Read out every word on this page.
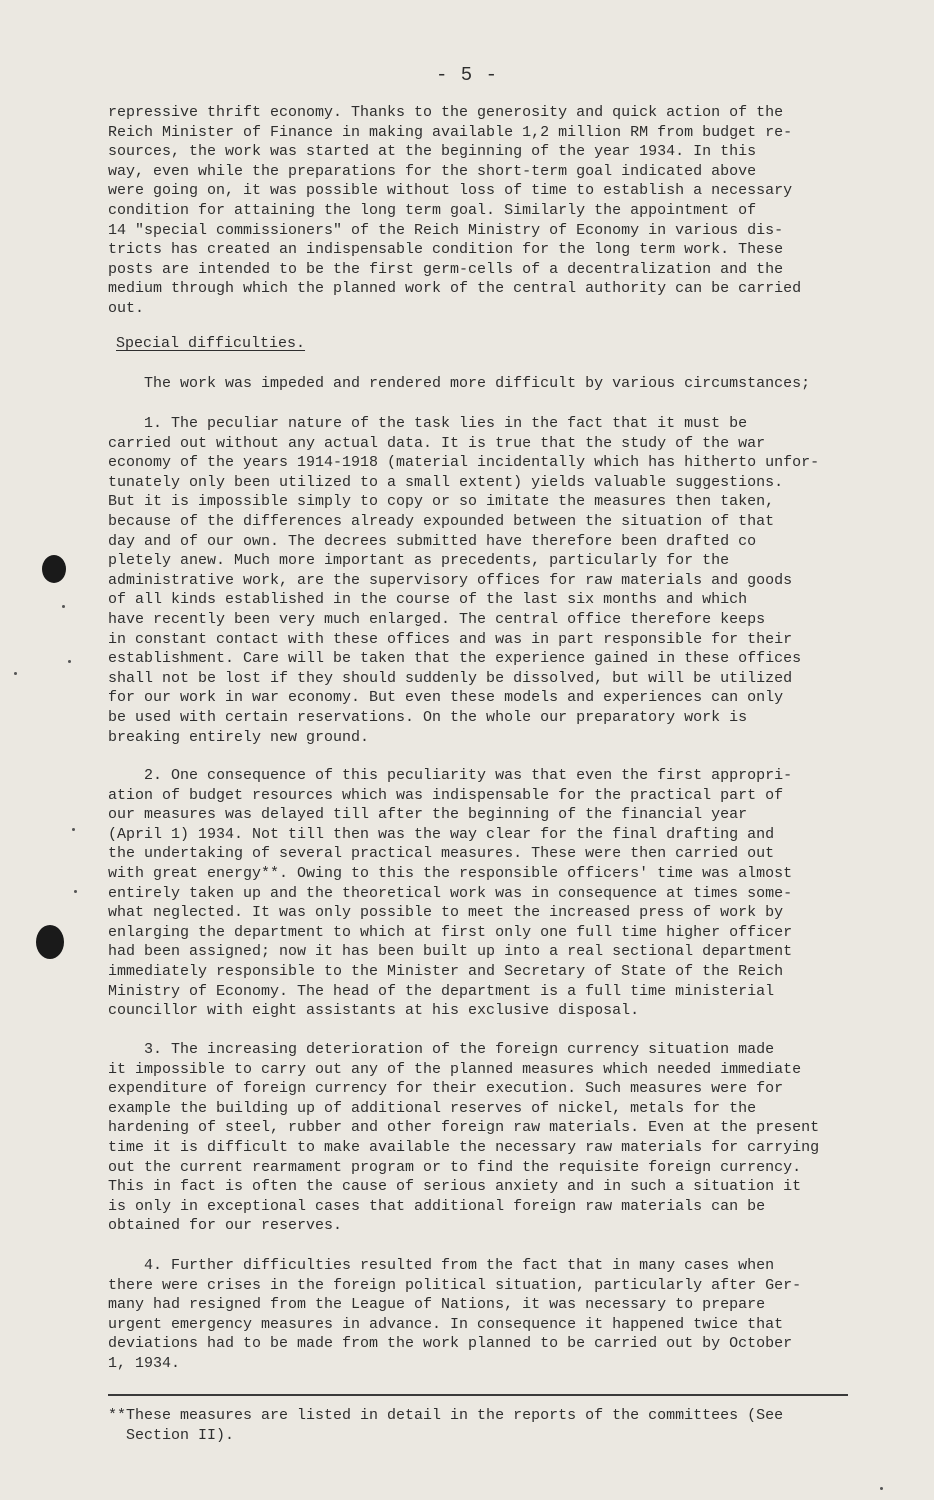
- 5 -

repressive thrift economy. Thanks to the generosity and quick action of the
Reich Minister of Finance in making available 1,2 million RM from budget re-
sources, the work was started at the beginning of the year 1934. In this
way, even while the preparations for the short-term goal indicated above
were going on, it was possible without loss of time to establish a necessary
condition for attaining the long term goal. Similarly the appointment of
14 "special commissioners" of the Reich Ministry of Economy in various dis-
tricts has created an indispensable condition for the long term work. These
posts are intended to be the first germ-cells of a decentralization and the
medium through which the planned work of the central authority can be carried
out.

Special difficulties.

The work was impeded and rendered more difficult by various circumstances;

1. The peculiar nature of the task lies in the fact that it must be
carried out without any actual data. It is true that the study of the war
economy of the years 1914-1918 (material incidentally which has hitherto unfor-
tunately only been utilized to a small extent) yields valuable suggestions.
But it is impossible simply to copy or so imitate the measures then taken,
because of the differences already expounded between the situation of that
day and of our own. The decrees submitted have therefore been drafted co
pletely anew. Much more important as precedents, particularly for the
administrative work, are the supervisory offices for raw materials and goods
of all kinds established in the course of the last six months and which
have recently been very much enlarged. The central office therefore keeps
in constant contact with these offices and was in part responsible for their
establishment. Care will be taken that the experience gained in these offices
shall not be lost if they should suddenly be dissolved, but will be utilized
for our work in war economy. But even these models and experiences can only
be used with certain reservations. On the whole our preparatory work is
breaking entirely new ground.

2. One consequence of this peculiarity was that even the first appropri-
ation of budget resources which was indispensable for the practical part of
our measures was delayed till after the beginning of the financial year
(April 1) 1934. Not till then was the way clear for the final drafting and
the undertaking of several practical measures. These were then carried out
with great energy**. Owing to this the responsible officers' time was almost
entirely taken up and the theoretical work was in consequence at times some-
what neglected. It was only possible to meet the increased press of work by
enlarging the department to which at first only one full time higher officer
had been assigned; now it has been built up into a real sectional department
immediately responsible to the Minister and Secretary of State of the Reich
Ministry of Economy. The head of the department is a full time ministerial
councillor with eight assistants at his exclusive disposal.

3. The increasing deterioration of the foreign currency situation made
it impossible to carry out any of the planned measures which needed immediate
expenditure of foreign currency for their execution. Such measures were for
example the building up of additional reserves of nickel, metals for the
hardening of steel, rubber and other foreign raw materials. Even at the present
time it is difficult to make available the necessary raw materials for carrying
out the current rearmament program or to find the requisite foreign currency.
This in fact is often the cause of serious anxiety and in such a situation it
is only in exceptional cases that additional foreign raw materials can be
obtained for our reserves.

4. Further difficulties resulted from the fact that in many cases when
there were crises in the foreign political situation, particularly after Ger-
many had resigned from the League of Nations, it was necessary to prepare
urgent emergency measures in advance. In consequence it happened twice that
deviations had to be made from the work planned to be carried out by October
1, 1934.

**These measures are listed in detail in the reports of the committees (See
Section II).
